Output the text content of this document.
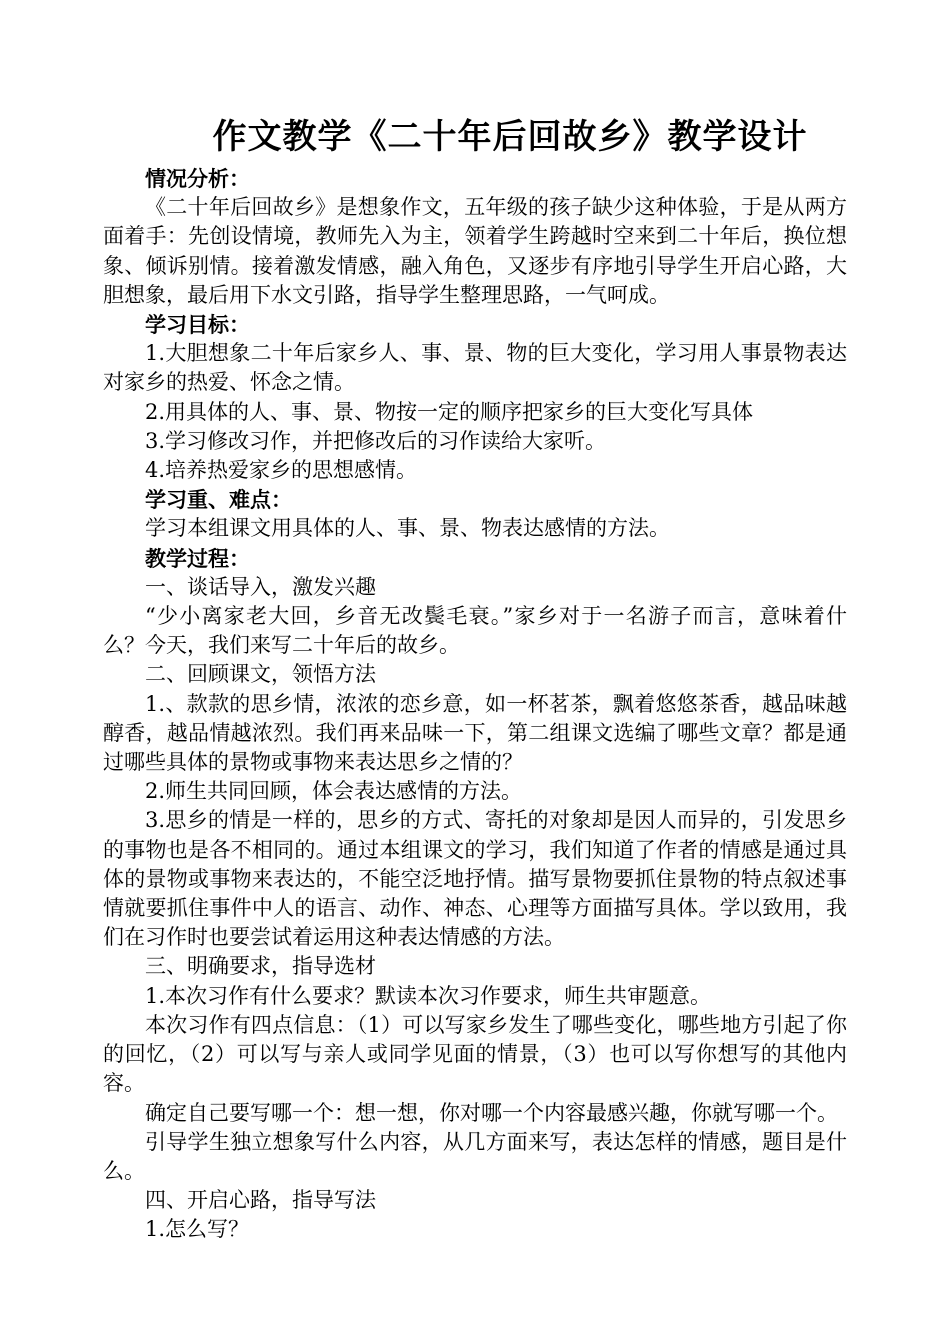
作文教学《二十年后回故乡》教学设计

情况分析：

《二十年后回故乡》是想象作文，五年级的孩子缺少这种体验，于是从两方面着手：先创设情境，教师先入为主，领着学生跨越时空来到二十年后，换位想象、倾诉别情。接着激发情感，融入角色，又逐步有序地引导学生开启心路，大胆想象，最后用下水文引路，指导学生整理思路，一气呵成。

学习目标：

1.大胆想象二十年后家乡人、事、景、物的巨大变化，学习用人事景物表达对家乡的热爱、怀念之情。

2.用具体的人、事、景、物按一定的顺序把家乡的巨大变化写具体

3.学习修改习作，并把修改后的习作读给大家听。

4.培养热爱家乡的思想感情。

学习重、难点：

学习本组课文用具体的人、事、景、物表达感情的方法。

教学过程：

一、谈话导入，激发兴趣

“少小离家老大回，乡音无改鬓毛衰。”家乡对于一名游子而言，意味着什么？今天，我们来写二十年后的故乡。

二、回顾课文，领悟方法

1.、款款的思乡情，浓浓的恋乡意，如一杯茗茶，飘着悠悠茶香，越品味越醇香，越品情越浓烈。我们再来品味一下，第二组课文选编了哪些文章？都是通过哪些具体的景物或事物来表达思乡之情的？

2.师生共同回顾，体会表达感情的方法。

3.思乡的情是一样的，思乡的方式、寄托的对象却是因人而异的，引发思乡的事物也是各不相同的。通过本组课文的学习，我们知道了作者的情感是通过具体的景物或事物来表达的，不能空泛地抒情。描写景物要抓住景物的特点叙述事情就要抓住事件中人的语言、动作、神态、心理等方面描写具体。学以致用，我们在习作时也要尝试着运用这种表达情感的方法。

三、明确要求，指导选材

1.本次习作有什么要求？默读本次习作要求，师生共审题意。

本次习作有四点信息：（1）可以写家乡发生了哪些变化，哪些地方引起了你的回忆，（2）可以写与亲人或同学见面的情景，（3）也可以写你想写的其他内容。

确定自己要写哪一个：想一想，你对哪一个内容最感兴趣，你就写哪一个。

引导学生独立想象写什么内容，从几方面来写，表达怎样的情感，题目是什么。

四、开启心路，指导写法

1.怎么写？
